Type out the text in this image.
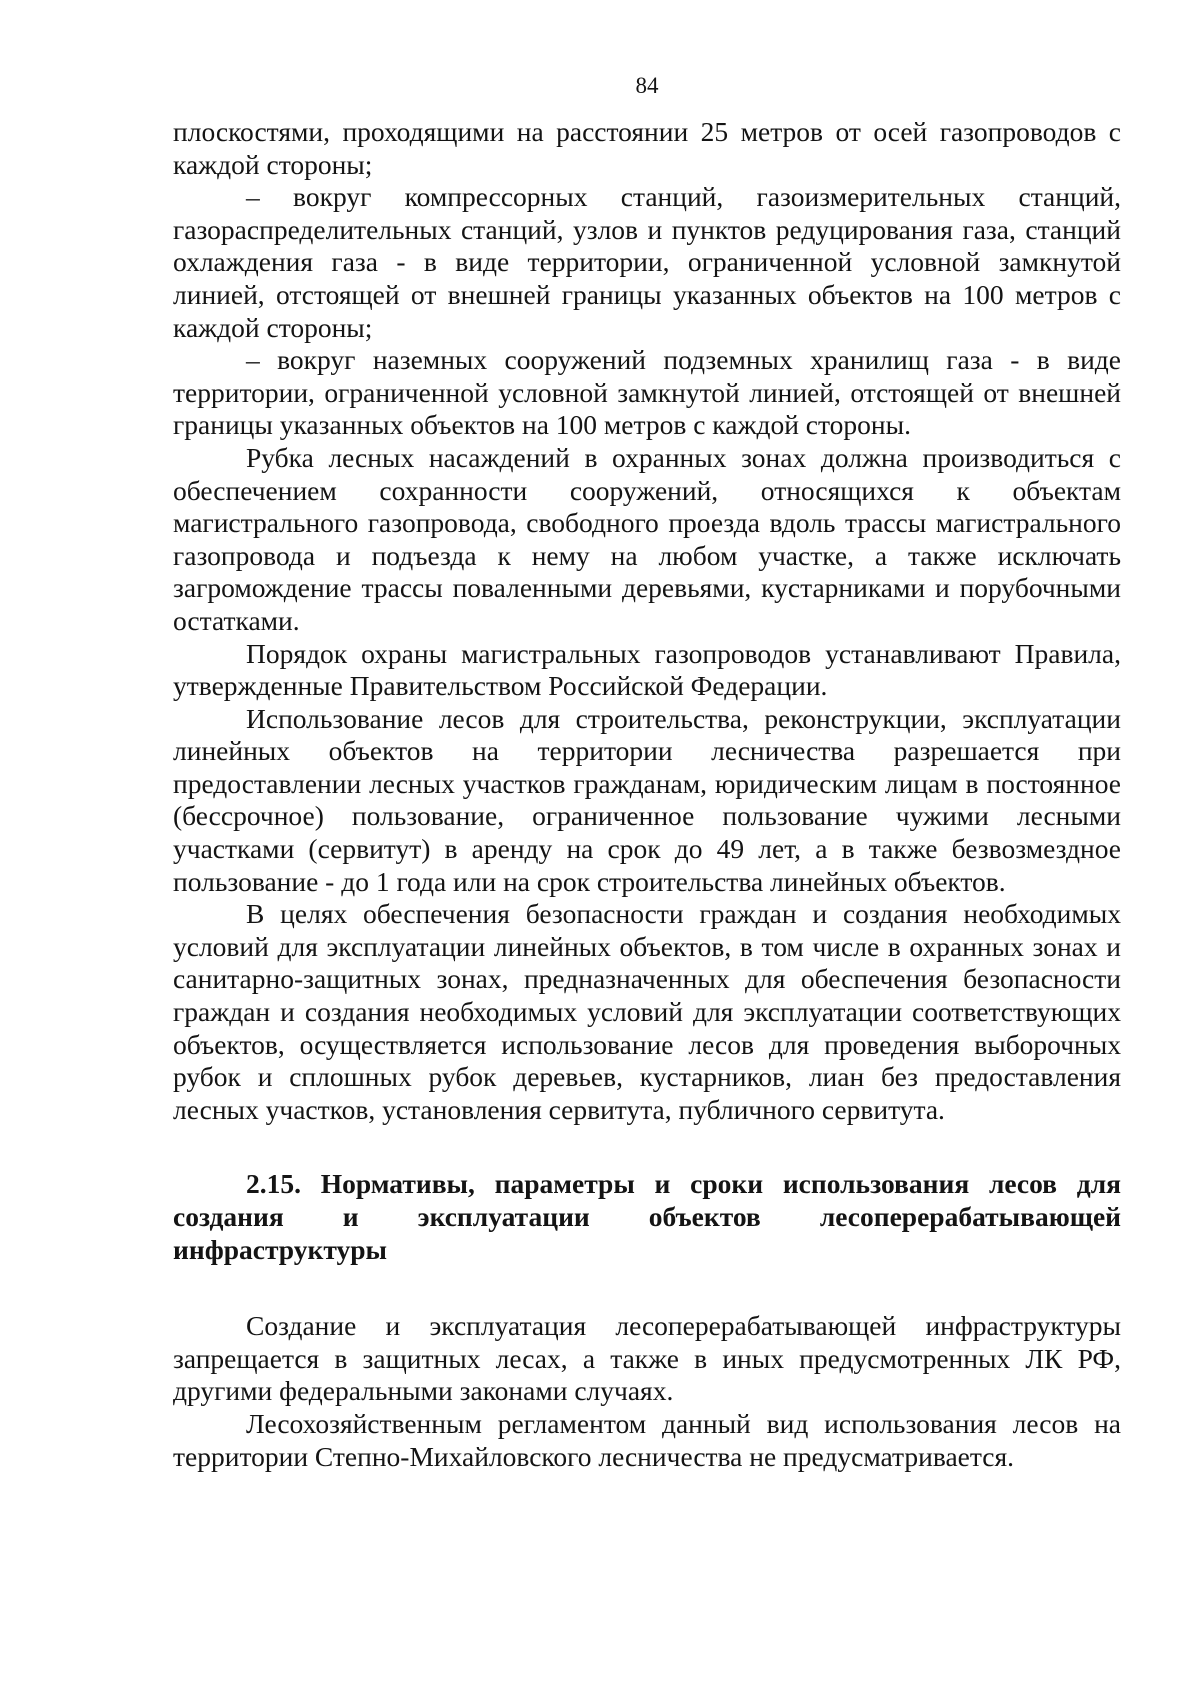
84

плоскостями, проходящими на расстоянии 25 метров от осей газопроводов с каждой стороны;

– вокруг компрессорных станций, газоизмерительных станций, газораспределительных станций, узлов и пунктов редуцирования газа, станций охлаждения газа - в виде территории, ограниченной условной замкнутой линией, отстоящей от внешней границы указанных объектов на 100 метров с каждой стороны;

– вокруг наземных сооружений подземных хранилищ газа - в виде территории, ограниченной условной замкнутой линией, отстоящей от внешней границы указанных объектов на 100 метров с каждой стороны.

Рубка лесных насаждений в охранных зонах должна производиться с обеспечением сохранности сооружений, относящихся к объектам магистрального газопровода, свободного проезда вдоль трассы магистрального газопровода и подъезда к нему на любом участке, а также исключать загромождение трассы поваленными деревьями, кустарниками и порубочными остатками.

Порядок охраны магистральных газопроводов устанавливают Правила, утвержденные Правительством Российской Федерации.

Использование лесов для строительства, реконструкции, эксплуатации линейных объектов на территории лесничества разрешается при предоставлении лесных участков гражданам, юридическим лицам в постоянное (бессрочное) пользование, ограниченное пользование чужими лесными участками (сервитут) в аренду на срок до 49 лет, а в также безвозмездное пользование - до 1 года или на срок строительства линейных объектов.

В целях обеспечения безопасности граждан и создания необходимых условий для эксплуатации линейных объектов, в том числе в охранных зонах и санитарно-защитных зонах, предназначенных для обеспечения безопасности граждан и создания необходимых условий для эксплуатации соответствующих объектов, осуществляется использование лесов для проведения выборочных рубок и сплошных рубок деревьев, кустарников, лиан без предоставления лесных участков, установления сервитута, публичного сервитута.

2.15. Нормативы, параметры и сроки использования лесов для создания и эксплуатации объектов лесоперерабатывающей инфраструктуры

Создание и эксплуатация лесоперерабатывающей инфраструктуры запрещается в защитных лесах, а также в иных предусмотренных ЛК РФ, другими федеральными законами случаях.

Лесохозяйственным регламентом данный вид использования лесов на территории Степно-Михайловского лесничества не предусматривается.
